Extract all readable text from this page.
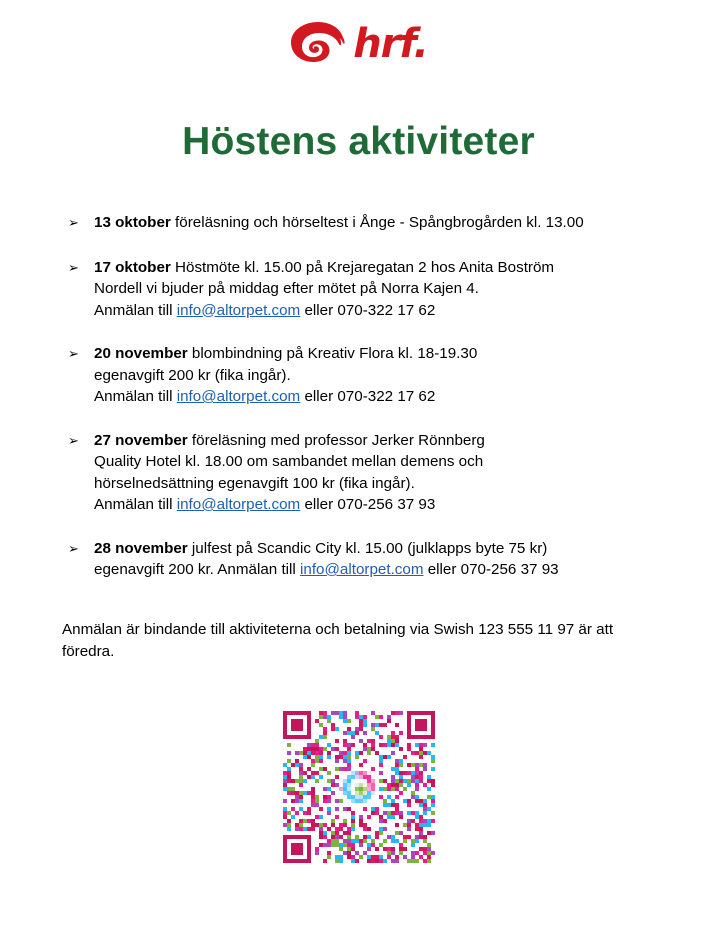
hrf.
Höstens aktiviteter
➢ 13 oktober föreläsning och hörseltest i Ånge - Spångbrogården kl. 13.00
➢ 17 oktober Höstmöte kl. 15.00 på Krejaregatan 2 hos Anita Boström
Nordell vi bjuder på middag efter mötet på Norra Kajen 4.
Anmälan till info@altorpet.com eller 070-322 17 62
➢ 20 november blombindning på Kreativ Flora kl. 18-19.30
egenavgift 200 kr (fika ingår).
Anmälan till info@altorpet.com eller 070-322 17 62
➢ 27 november föreläsning med professor Jerker Rönnberg
Quality Hotel kl. 18.00 om sambandet mellan demens och
hörselnedsättning egenavgift 100 kr (fika ingår).
Anmälan till info@altorpet.com eller 070-256 37 93
➢ 28 november julfest på Scandic City kl. 15.00 (julklapps byte 75 kr)
egenavgift 200 kr. Anmälan till info@altorpet.com eller 070-256 37 93
Anmälan är bindande till aktiviteterna och betalning via Swish 123 555 11 97 är att föredra.
